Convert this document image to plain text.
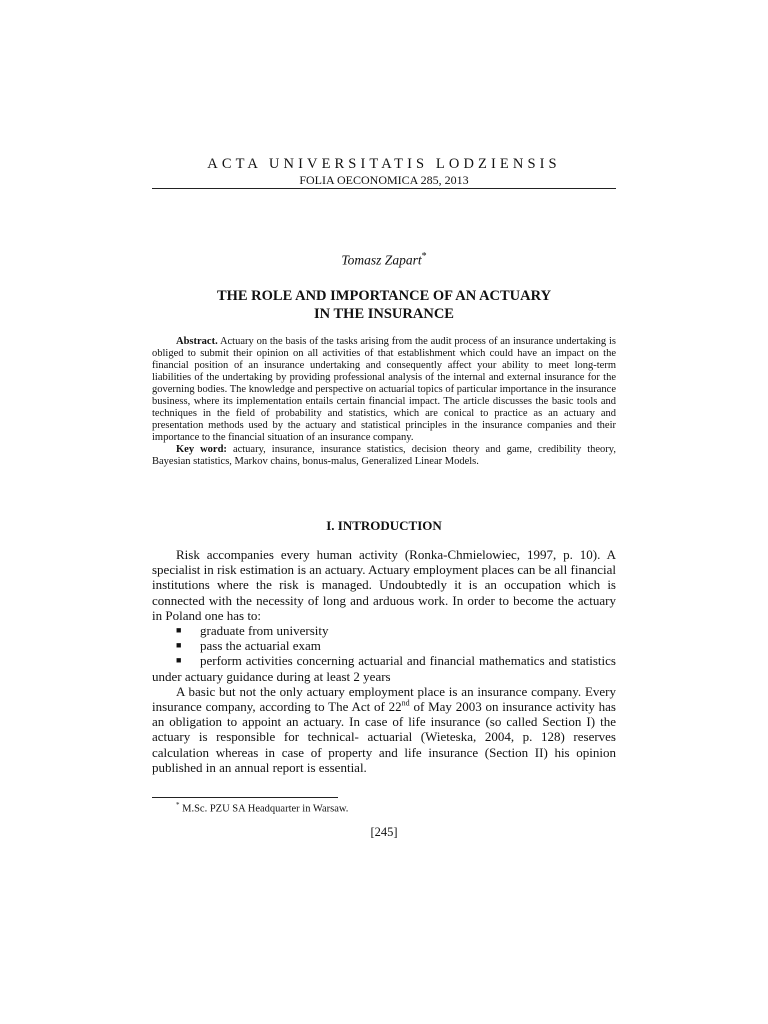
ACTA UNIVERSITATIS LODZIENSIS
FOLIA OECONOMICA 285, 2013
Tomasz Zapart*
THE ROLE AND IMPORTANCE OF AN ACTUARY
IN THE INSURANCE

Abstract. Actuary on the basis of the tasks arising from the audit process of an insurance undertaking is obliged to submit their opinion on all activities of that establishment which could have an impact on the financial position of an insurance undertaking and consequently affect your ability to meet long-term liabilities of the undertaking by providing professional analysis of the internal and external insurance for the governing bodies. The knowledge and perspective on actuarial topics of particular importance in the insurance business, where its implementation entails certain financial impact. The article discusses the basic tools and techniques in the field of probability and statistics, which are conical to practice as an actuary and presentation methods used by the actuary and statistical principles in the insurance companies and their importance to the financial situation of an insurance company.

Key word: actuary, insurance, insurance statistics, decision theory and game, credibility theory, Bayesian statistics, Markov chains, bonus-malus, Generalized Linear Models.

I. INTRODUCTION

Risk accompanies every human activity (Ronka-Chmielowiec, 1997, p. 10). A specialist in risk estimation is an actuary. Actuary employment places can be all financial institutions where the risk is managed. Undoubtedly it is an occupation which is connected with the necessity of long and arduous work. In order to become the actuary in Poland one has to:

■ graduate from university
■ pass the actuarial exam
■ perform activities concerning actuarial and financial mathematics and statistics under actuary guidance during at least 2 years

A basic but not the only actuary employment place is an insurance company. Every insurance company, according to The Act of 22nd of May 2003 on insurance activity has an obligation to appoint an actuary. In case of life insurance (so called Section I) the actuary is responsible for technical- actuarial (Wieteska, 2004, p. 128) reserves calculation whereas in case of property and life insurance (Section II) his opinion published in an annual report is essential.

* M.Sc. PZU SA Headquarter in Warsaw.
[245]
